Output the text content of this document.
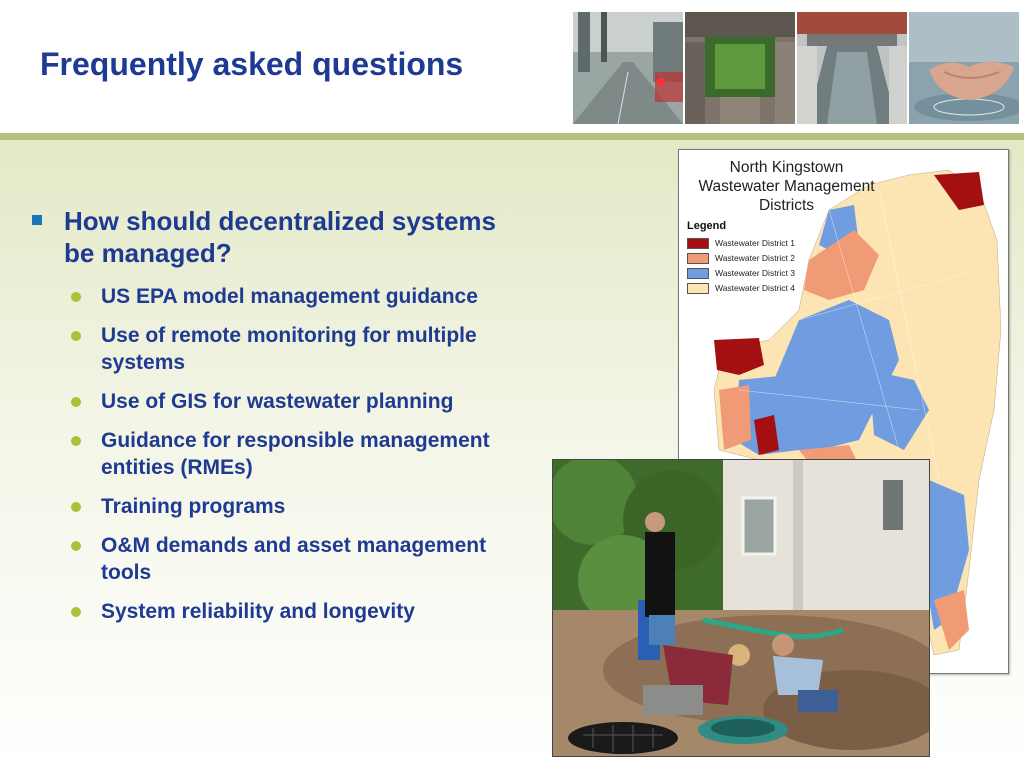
Frequently asked questions

How should decentralized systems be managed?

US EPA model management guidance
Use of remote monitoring for multiple systems
Use of GIS for wastewater planning
Guidance for responsible management entities (RMEs)
Training programs
O&M demands and asset management tools
System reliability and longevity

North Kingstown
Wastewater Management
Districts

Legend
Wastewater District 1
Wastewater District 2
Wastewater District 3
Wastewater District 4
